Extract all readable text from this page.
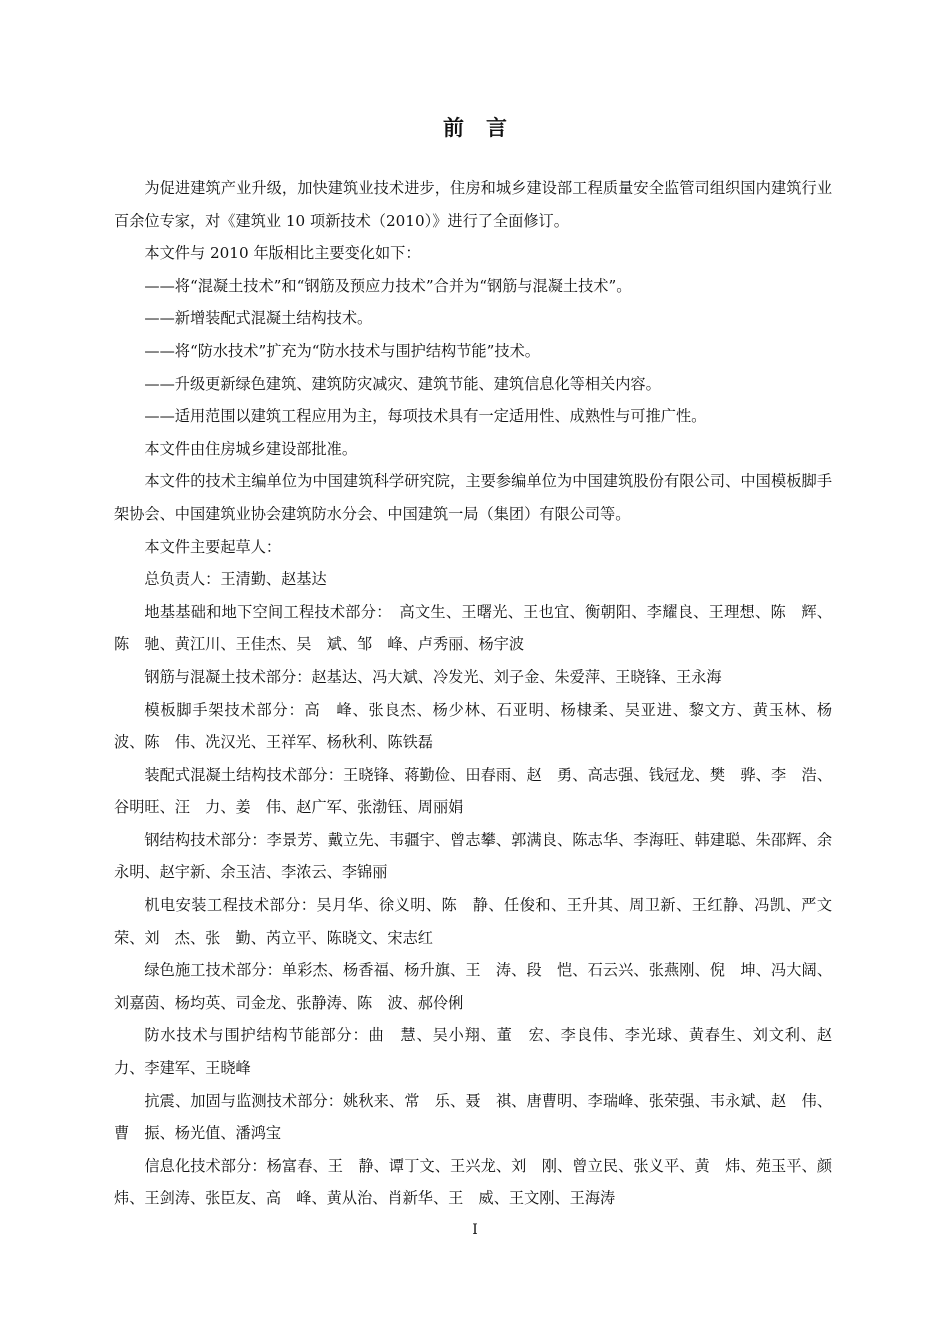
前言

为促进建筑产业升级，加快建筑业技术进步，住房和城乡建设部工程质量安全监管司组织国内建筑行业百余位专家，对《建筑业 10 项新技术（2010）》进行了全面修订。

本文件与 2010 年版相比主要变化如下：

——将“混凝土技术”和“钢筋及预应力技术”合并为“钢筋与混凝土技术”。

——新增装配式混凝土结构技术。

——将“防水技术”扩充为“防水技术与围护结构节能”技术。

——升级更新绿色建筑、建筑防灾减灾、建筑节能、建筑信息化等相关内容。

——适用范围以建筑工程应用为主，每项技术具有一定适用性、成熟性与可推广性。

本文件由住房城乡建设部批准。

本文件的技术主编单位为中国建筑科学研究院，主要参编单位为中国建筑股份有限公司、中国模板脚手架协会、中国建筑业协会建筑防水分会、中国建筑一局（集团）有限公司等。

本文件主要起草人：

总负责人：王清勤、赵基达

地基基础和地下空间工程技术部分：　高文生、王曙光、王也宜、衡朝阳、李耀良、王理想、陈　辉、陈　驰、黄江川、王佳杰、吴　斌、邹　峰、卢秀丽、杨宇波

钢筋与混凝土技术部分：赵基达、冯大斌、冷发光、刘子金、朱爱萍、王晓锋、王永海

模板脚手架技术部分：高　峰、张良杰、杨少林、石亚明、杨棣柔、吴亚进、黎文方、黄玉林、杨　波、陈　伟、冼汉光、王祥军、杨秋利、陈铁磊

装配式混凝土结构技术部分：王晓锋、蒋勤俭、田春雨、赵　勇、高志强、钱冠龙、樊　骅、李　浩、谷明旺、汪　力、姜　伟、赵广军、张渤钰、周丽娟

钢结构技术部分：李景芳、戴立先、韦疆宇、曾志攀、郭满良、陈志华、李海旺、韩建聪、朱邵辉、余永明、赵宇新、余玉洁、李浓云、李锦丽

机电安装工程技术部分：吴月华、徐义明、陈　静、任俊和、王升其、周卫新、王红静、冯凯、严文荣、刘　杰、张　勤、芮立平、陈晓文、宋志红

绿色施工技术部分：单彩杰、杨香福、杨升旗、王　涛、段　恺、石云兴、张燕刚、倪　坤、冯大阔、刘嘉茵、杨均英、司金龙、张静涛、陈　波、郝伶俐

防水技术与围护结构节能部分：曲　慧、吴小翔、董　宏、李良伟、李光球、黄春生、刘文利、赵　力、李建军、王晓峰

抗震、加固与监测技术部分：姚秋来、常　乐、聂　祺、唐曹明、李瑞峰、张荣强、韦永斌、赵　伟、曹　振、杨光值、潘鸿宝

信息化技术部分：杨富春、王　静、谭丁文、王兴龙、刘　刚、曾立民、张义平、黄　炜、苑玉平、颜　炜、王剑涛、张臣友、高　峰、黄从治、肖新华、王　威、王文刚、王海涛

I
